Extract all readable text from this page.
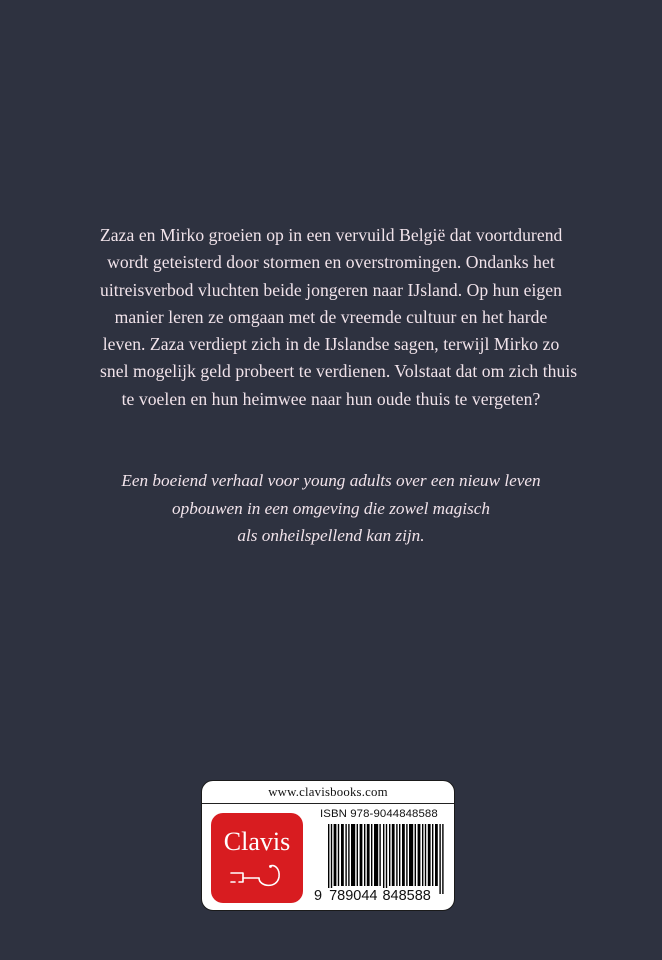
Zaza en Mirko groeien op in een vervuild België dat voortdurend
wordt geteisterd door stormen en overstromingen. Ondanks het
uitreisverbod vluchten beide jongeren naar IJsland. Op hun eigen
manier leren ze omgaan met de vreemde cultuur en het harde
leven. Zaza verdiept zich in de IJslandse sagen, terwijl Mirko zo
snel mogelijk geld probeert te verdienen. Volstaat dat om zich thuis
te voelen en hun heimwee naar hun oude thuis te vergeten?
Een boeiend verhaal voor young adults over een nieuw leven
opbouwen in een omgeving die zowel magisch
als onheilspellend kan zijn.
www.clavisbooks.com
Clavis
ISBN 978-9044848588
9 789044 848588
